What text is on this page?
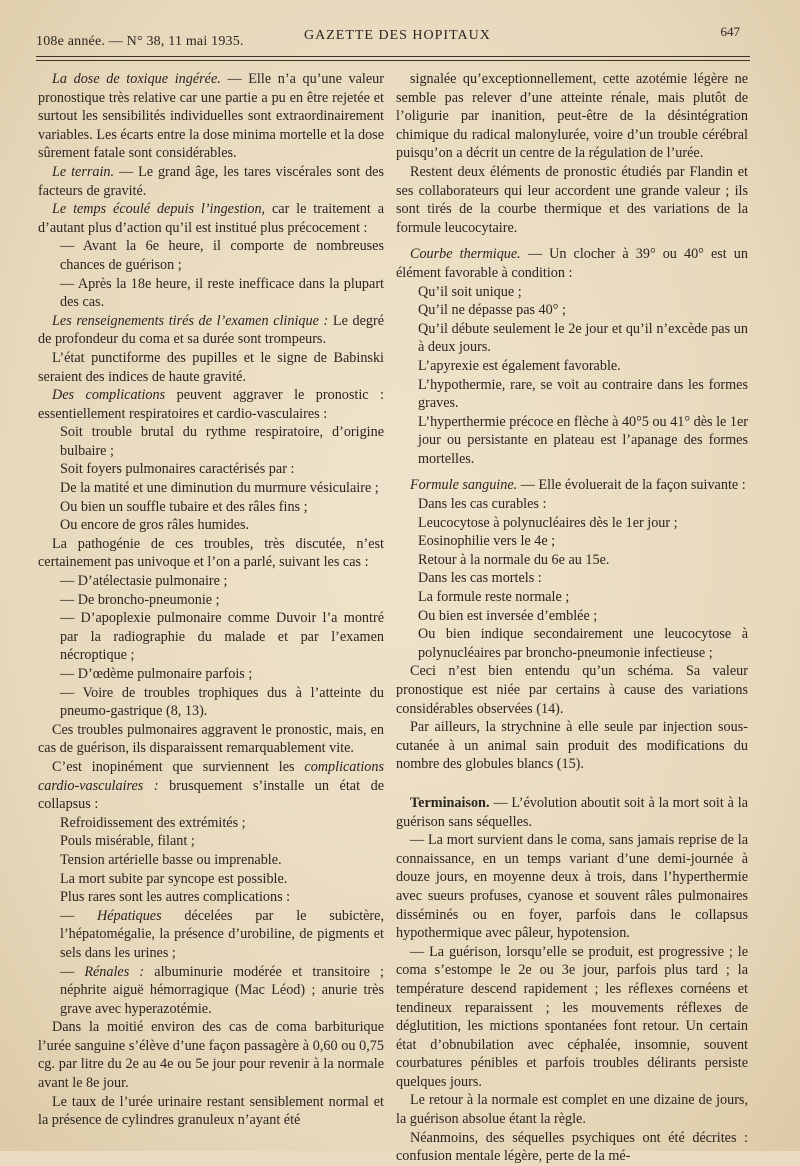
108e année. — N° 38, 11 mai 1935.	GAZETTE DES HOPITAUX	647

La dose de toxique ingérée. — Elle n’a qu’une valeur pronostique très relative car une partie a pu en être rejetée et surtout les sensibilités individuelles sont extraordinairement variables. Les écarts entre la dose minima mortelle et la dose sûrement fatale sont considérables.

Le terrain. — Le grand âge, les tares viscérales sont des facteurs de gravité.

Le temps écoulé depuis l’ingestion, car le traitement a d’autant plus d’action qu’il est institué plus précocement :

— Avant la 6e heure, il comporte de nombreuses chances de guérison ;

— Après la 18e heure, il reste inefficace dans la plupart des cas.

Les renseignements tirés de l’examen clinique : Le degré de profondeur du coma et sa durée sont trompeurs.

L’état punctiforme des pupilles et le signe de Babinski seraient des indices de haute gravité.

Des complications peuvent aggraver le pronostic : essentiellement respiratoires et cardio-vasculaires :

Soit trouble brutal du rythme respiratoire, d’origine bulbaire ;

Soit foyers pulmonaires caractérisés par :

De la matité et une diminution du murmure vésiculaire ;

Ou bien un souffle tubaire et des râles fins ;

Ou encore de gros râles humides.

La pathogénie de ces troubles, très discutée, n’est certainement pas univoque et l’on a parlé, suivant les cas :

— D’atélectasie pulmonaire ;

— De broncho-pneumonie ;

— D’apoplexie pulmonaire comme Duvoir l’a montré par la radiographie du malade et par l’examen nécroptique ;

— D’œdème pulmonaire parfois ;

— Voire de troubles trophiques dus à l’atteinte du pneumo-gastrique (8, 13).

Ces troubles pulmonaires aggravent le pronostic, mais, en cas de guérison, ils disparaissent remarquablement vite.

C’est inopinément que surviennent les complications cardio-vasculaires : brusquement s’installe un état de collapsus :

Refroidissement des extrémités ;

Pouls misérable, filant ;

Tension artérielle basse ou imprenable.

La mort subite par syncope est possible.

Plus rares sont les autres complications :

— Hépatiques décelées par le subictère, l’hépatomégalie, la présence d’urobiline, de pigments et sels dans les urines ;

— Rénales : albuminurie modérée et transitoire ; néphrite aiguë hémorragique (Mac Léod) ; anurie très grave avec hyperazotémie.

Dans la moitié environ des cas de coma barbiturique l’urée sanguine s’élève d’une façon passagère à 0,60 ou 0,75 cg. par litre du 2e au 4e ou 5e jour pour revenir à la normale avant le 8e jour.

Le taux de l’urée urinaire restant sensiblement normal et la présence de cylindres granuleux n’ayant été

signalée qu’exceptionnellement, cette azotémie légère ne semble pas relever d’une atteinte rénale, mais plutôt de l’oligurie par inanition, peut-être de la désintégration chimique du radical malonylurée, voire d’un trouble cérébral puisqu’on a décrit un centre de la régulation de l’urée.

Restent deux éléments de pronostic étudiés par Flandin et ses collaborateurs qui leur accordent une grande valeur ; ils sont tirés de la courbe thermique et des variations de la formule leucocytaire.

Courbe thermique. — Un clocher à 39° ou 40° est un élément favorable à condition :

Qu’il soit unique ;

Qu’il ne dépasse pas 40° ;

Qu’il débute seulement le 2e jour et qu’il n’excède pas un à deux jours.

L’apyrexie est également favorable.

L’hypothermie, rare, se voit au contraire dans les formes graves.

L’hyperthermie précoce en flèche à 40°5 ou 41° dès le 1er jour ou persistante en plateau est l’apanage des formes mortelles.

Formule sanguine. — Elle évoluerait de la façon suivante :

Dans les cas curables :

Leucocytose à polynucléaires dès le 1er jour ;

Eosinophilie vers le 4e ;

Retour à la normale du 6e au 15e.

Dans les cas mortels :

La formule reste normale ;

Ou bien est inversée d’emblée ;

Ou bien indique secondairement une leucocytose à polynucléaires par broncho-pneumonie infectieuse ;

Ceci n’est bien entendu qu’un schéma. Sa valeur pronostique est niée par certains à cause des variations considérables observées (14).

Par ailleurs, la strychnine à elle seule par injection sous-cutanée à un animal sain produit des modifications du nombre des globules blancs (15).

Terminaison. — L’évolution aboutit soit à la mort soit à la guérison sans séquelles.

— La mort survient dans le coma, sans jamais reprise de la connaissance, en un temps variant d’une demi-journée à douze jours, en moyenne deux à trois, dans l’hyperthermie avec sueurs profuses, cyanose et souvent râles pulmonaires disséminés ou en foyer, parfois dans le collapsus hypothermique avec pâleur, hypotension.

— La guérison, lorsqu’elle se produit, est progressive ; le coma s’estompe le 2e ou 3e jour, parfois plus tard ; la température descend rapidement ; les réflexes cornéens et tendineux reparaissent ; les mouvements réflexes de déglutition, les mictions spontanées font retour. Un certain état d’obnubilation avec céphalée, insomnie, souvent courbatures pénibles et parfois troubles délirants persiste quelques jours.

Le retour à la normale est complet en une dizaine de jours, la guérison absolue étant la règle.

Néanmoins, des séquelles psychiques ont été décrites : confusion mentale légère, perte de la mé-
